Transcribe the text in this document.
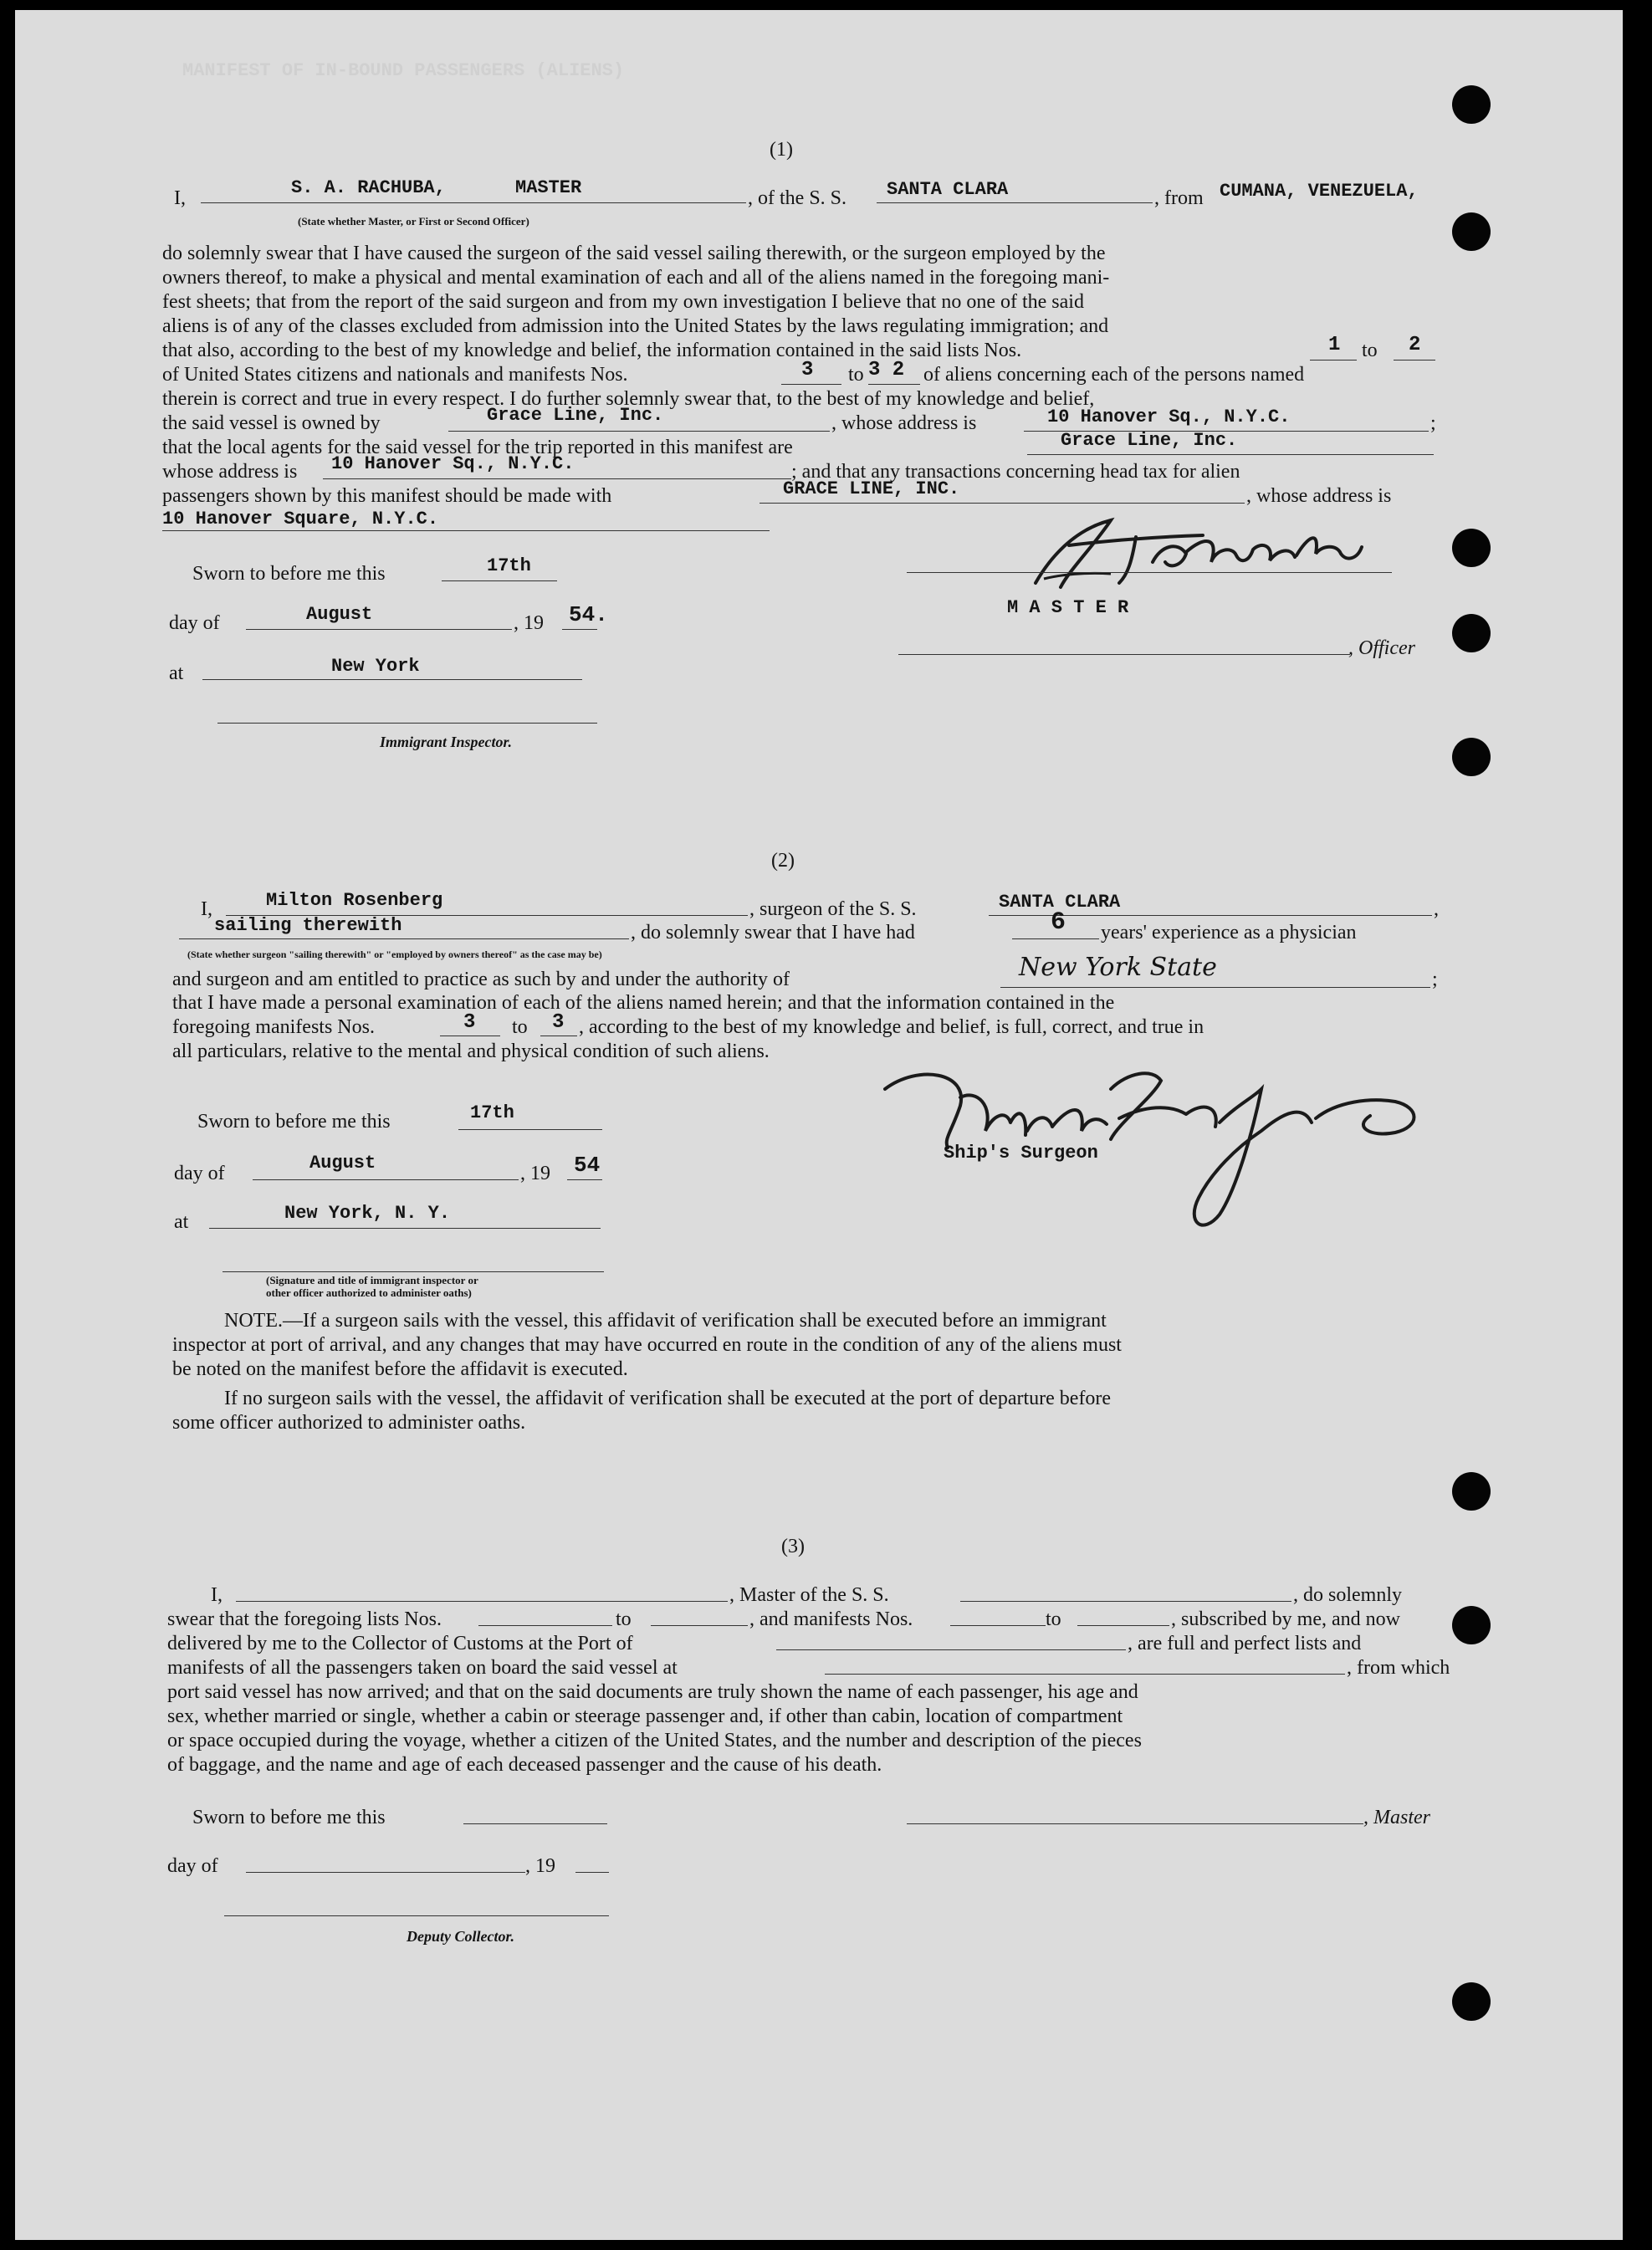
MANIFEST OF IN-BOUND PASSENGERS (ALIENS)
(1)
I,	S. A. RACHUBA,	MASTER	, of the S. S. SANTA CLARA	, from CUMANA, VENEZUELA,
(State whether Master, or First or Second Officer)
do solemnly swear that I have caused the surgeon of the said vessel sailing therewith, or the surgeon employed by the
owners thereof, to make a physical and mental examination of each and all of the aliens named in the foregoing mani-
fest sheets; that from the report of the said surgeon and from my own investigation I believe that no one of the said
aliens is of any of the classes excluded from admission into the United States by the laws regulating immigration; and
that also, according to the best of my knowledge and belief, the information contained in the said lists Nos.	1 to 2
of United States citizens and nationals and manifests Nos.	3 to 3 2 of aliens concerning each of the persons named
therein is correct and true in every respect. I do further solemnly swear that, to the best of my knowledge and belief,
the said vessel is owned by	Grace Line, Inc.	, whose address is	10 Hanover Sq., N.Y.C.	;
that the local agents for the said vessel for the trip reported in this manifest are	Grace Line, Inc.
whose address is 10 Hanover Sq., N.Y.C.	; and that any transactions concerning head tax for alien
passengers shown by this manifest should be made with	GRACE LINE, INC.	, whose address is
10 Hanover Square, N.Y.C.
Sworn to before me this	17th
day of	August	, 19 54.
at	New York
Immigrant Inspector.
M A S T E R
, Officer
(2)
I,	Milton Rosenberg	, surgeon of the S. S.	SANTA CLARA	,
sailing therewith	, do solemnly swear that I have had	6 years' experience as a physician
(State whether surgeon "sailing therewith" or "employed by owners thereof" as the case may be)
and surgeon and am entitled to practice as such by and under the authority of	New York State	;
that I have made a personal examination of each of the aliens named herein; and that the information contained in the
foregoing manifests Nos.	3 to 3 , according to the best of my knowledge and belief, is full, correct, and true in
all particulars, relative to the mental and physical condition of such aliens.
Sworn to before me this	17th
day of	August	, 19 54
at	New York, N. Y.
(Signature and title of immigrant inspector or
other officer authorized to administer oaths)
Ship's Surgeon
NOTE. —If a surgeon sails with the vessel, this affidavit of verification shall be executed before an immigrant
inspector at port of arrival, and any changes that may have occurred en route in the condition of any of the aliens must
be noted on the manifest before the affidavit is executed.
If no surgeon sails with the vessel, the affidavit of verification shall be executed at the port of departure before
some officer authorized to administer oaths.
(3)
I,	, Master of the S. S.	, do solemnly
swear that the foregoing lists Nos.	to	, and manifests Nos.	to	, subscribed by me, and now
delivered by me to the Collector of Customs at the Port of	, are full and perfect lists and
manifests of all the passengers taken on board the said vessel at	, from which
port said vessel has now arrived; and that on the said documents are truly shown the name of each passenger, his age and
sex, whether married or single, whether a cabin or steerage passenger and, if other than cabin, location of compartment
or space occupied during the voyage, whether a citizen of the United States, and the number and description of the pieces
of baggage, and the name and age of each deceased passenger and the cause of his death.
Sworn to before me this	, Master
day of	, 19
Deputy Collector.
